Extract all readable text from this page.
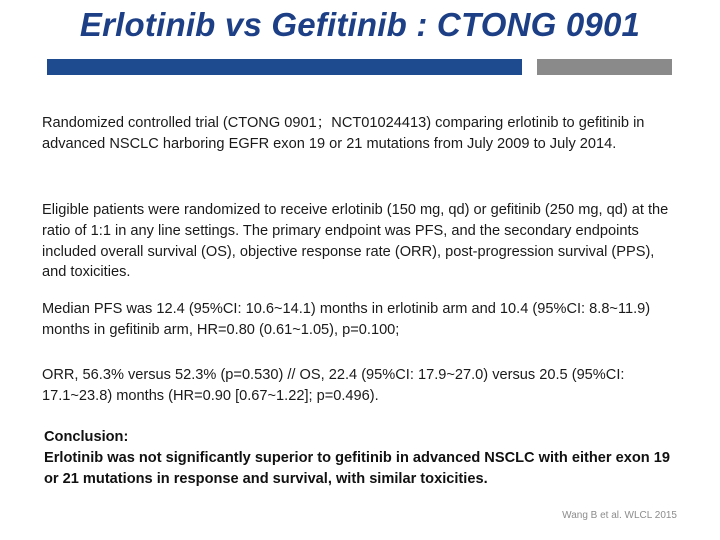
Erlotinib vs Gefitinib : CTONG 0901
Randomized controlled trial (CTONG 0901；NCT01024413) comparing erlotinib to gefitinib in advanced NSCLC harboring EGFR exon 19 or 21 mutations from July 2009 to July 2014.
Eligible patients were randomized to receive erlotinib (150 mg, qd) or gefitinib (250 mg, qd) at the ratio of 1:1 in any line settings. The primary endpoint was PFS, and the secondary endpoints included overall survival (OS), objective response rate (ORR), post-progression survival (PPS), and toxicities.
Median PFS was 12.4 (95%CI: 10.6~14.1) months in erlotinib arm and 10.4 (95%CI: 8.8~11.9) months in gefitinib arm, HR=0.80 (0.61~1.05), p=0.100;
ORR, 56.3% versus 52.3% (p=0.530) // OS, 22.4 (95%CI: 17.9~27.0) versus 20.5 (95%CI: 17.1~23.8) months (HR=0.90 [0.67~1.22]; p=0.496).
Conclusion:
Erlotinib was not significantly superior to gefitinib in advanced NSCLC with either exon 19 or 21 mutations in response and survival, with similar toxicities.
Wang B et al. WLCL 2015
